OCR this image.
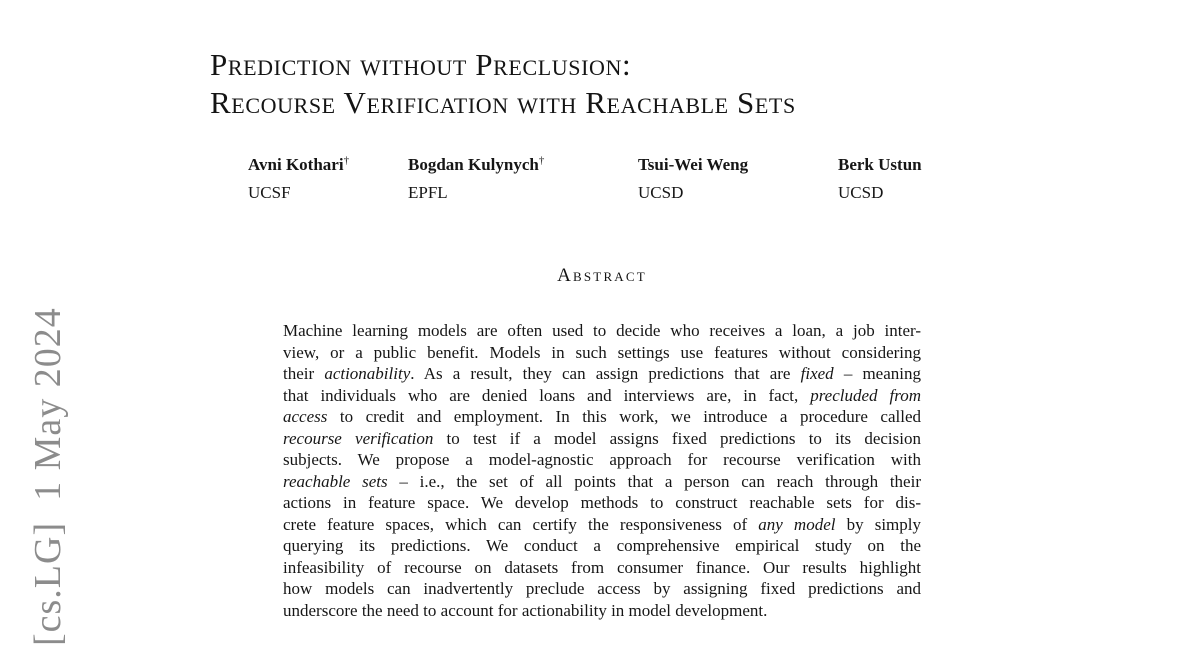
[cs.LG]  1 May 2024
Prediction without Preclusion:
Recourse Verification with Reachable Sets
Avni Kothari†
UCSF
Bogdan Kulynych†
EPFL
Tsui-Wei Weng
UCSD
Berk Ustun
UCSD
Abstract
Machine learning models are often used to decide who receives a loan, a job inter-
view, or a public benefit. Models in such settings use features without considering
their actionability. As a result, they can assign predictions that are fixed – meaning
that individuals who are denied loans and interviews are, in fact, precluded from
access to credit and employment. In this work, we introduce a procedure called
recourse verification to test if a model assigns fixed predictions to its decision
subjects. We propose a model-agnostic approach for recourse verification with
reachable sets – i.e., the set of all points that a person can reach through their
actions in feature space. We develop methods to construct reachable sets for dis-
crete feature spaces, which can certify the responsiveness of any model by simply
querying its predictions. We conduct a comprehensive empirical study on the
infeasibility of recourse on datasets from consumer finance. Our results highlight
how models can inadvertently preclude access by assigning fixed predictions and
underscore the need to account for actionability in model development.
